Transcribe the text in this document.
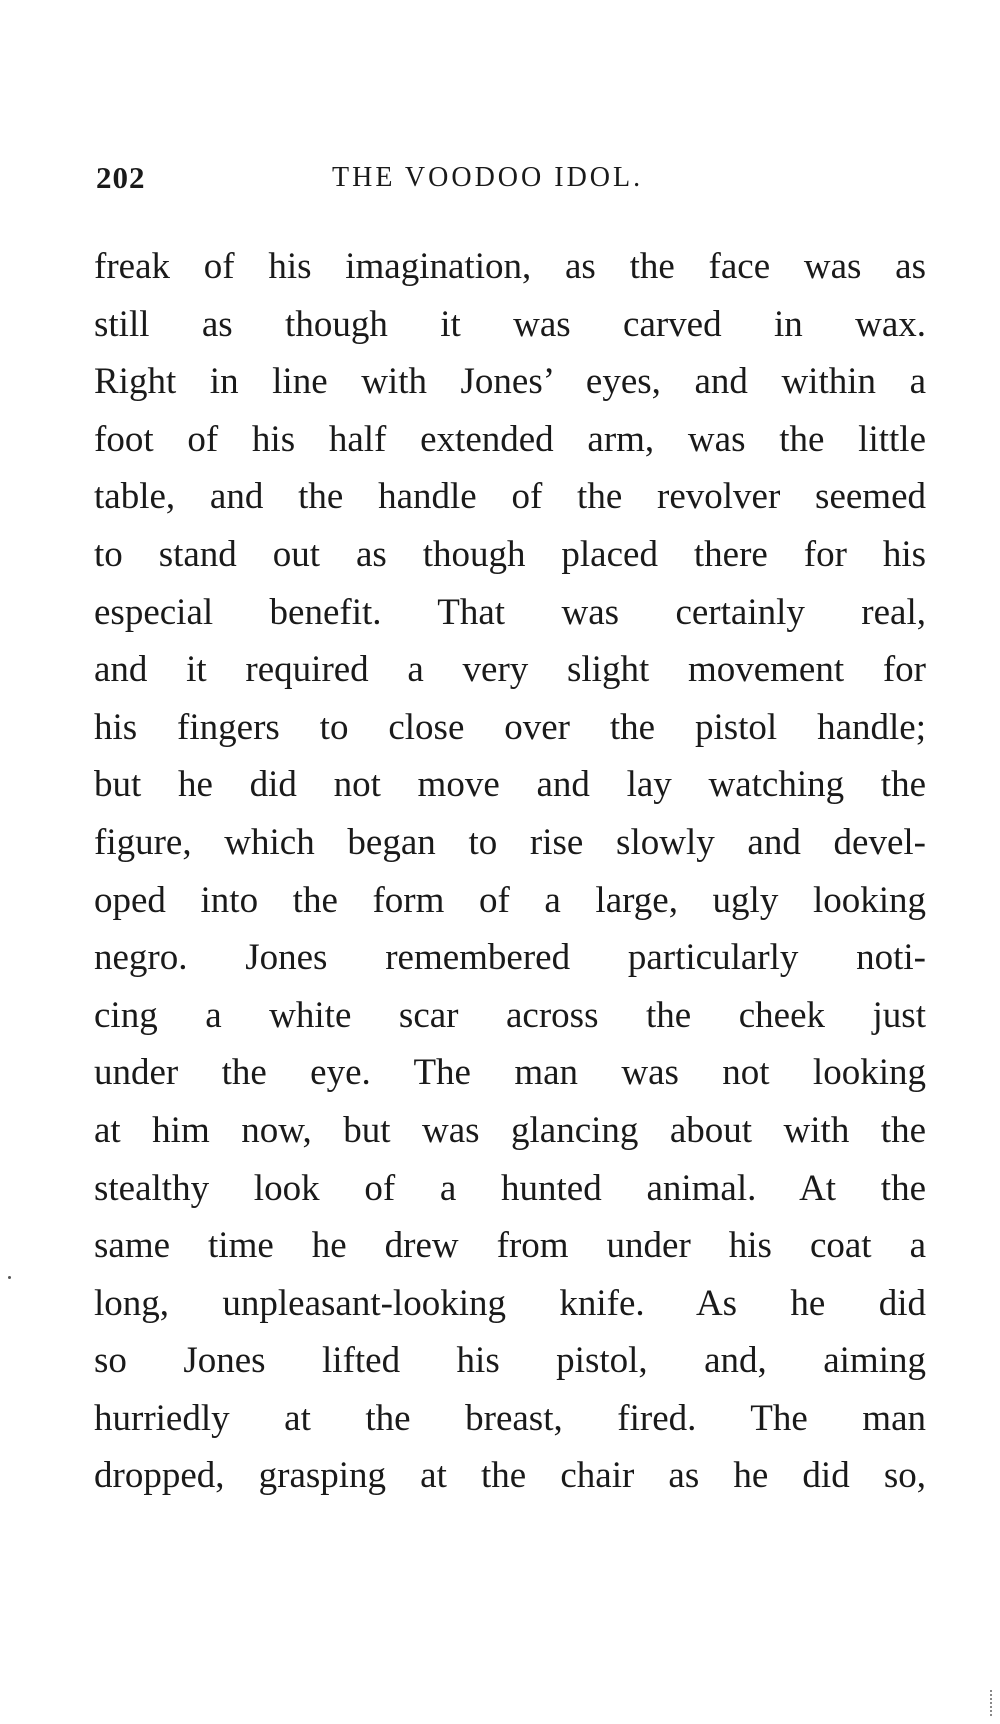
202	THE VOODOO IDOL.
freak of his imagination, as the face was as
still as though it was carved in wax.
Right in line with Jones’ eyes, and within a
foot of his half extended arm, was the little
table, and the handle of the revolver seemed
to stand out as though placed there for his
especial benefit. That was certainly real,
and it required a very slight movement for
his fingers to close over the pistol handle;
but he did not move and lay watching the
figure, which began to rise slowly and devel-
oped into the form of a large, ugly looking
negro. Jones remembered particularly noti-
cing a white scar across the cheek just
under the eye. The man was not looking
at him now, but was glancing about with the
stealthy look of a hunted animal. At the
same time he drew from under his coat a
long, unpleasant-looking knife. As he did
so Jones lifted his pistol, and, aiming
hurriedly at the breast, fired. The man
dropped, grasping at the chair as he did so,
